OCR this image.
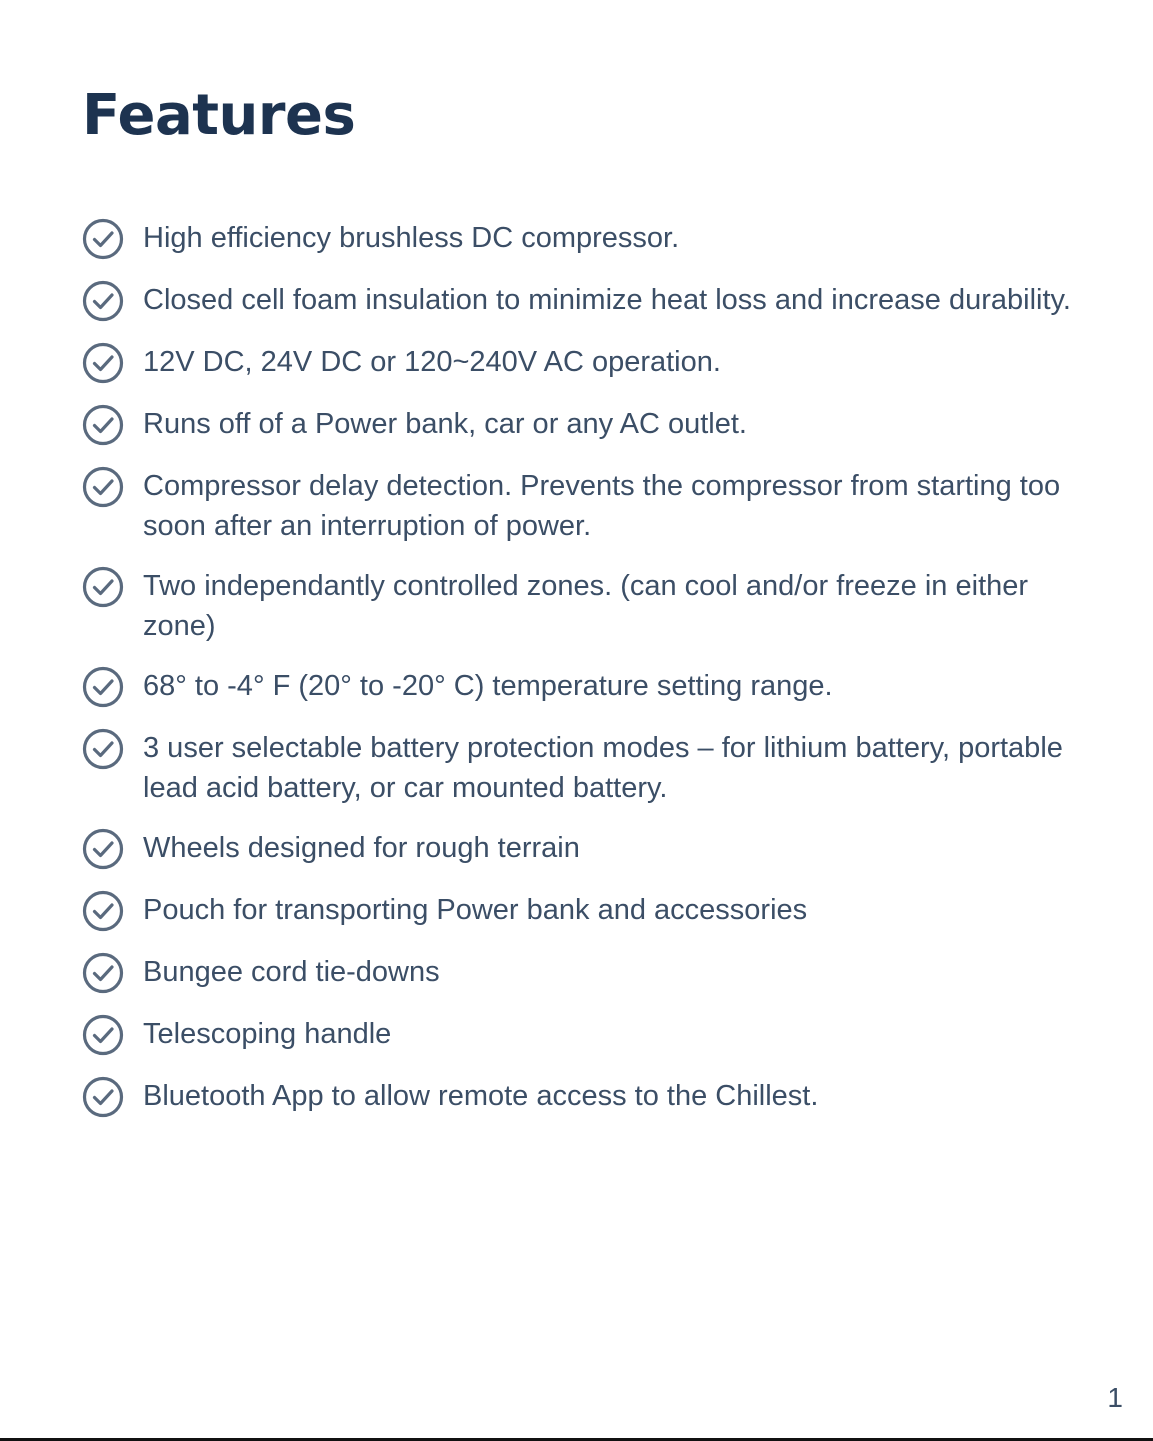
Features
High efficiency brushless DC compressor.
Closed cell foam insulation to minimize heat loss and increase durability.
12V DC, 24V DC or 120~240V AC operation.
Runs off of a Power bank, car or any AC outlet.
Compressor delay detection. Prevents the compressor from starting too soon after an interruption of power.
Two independantly controlled zones. (can cool and/or freeze in either zone)
68° to -4° F (20° to -20° C) temperature setting range.
3 user selectable battery protection modes – for lithium battery, portable lead acid battery, or car mounted battery.
Wheels designed for rough terrain
Pouch for transporting Power bank and accessories
Bungee cord tie-downs
Telescoping handle
Bluetooth App to allow remote access to the Chillest.
1
